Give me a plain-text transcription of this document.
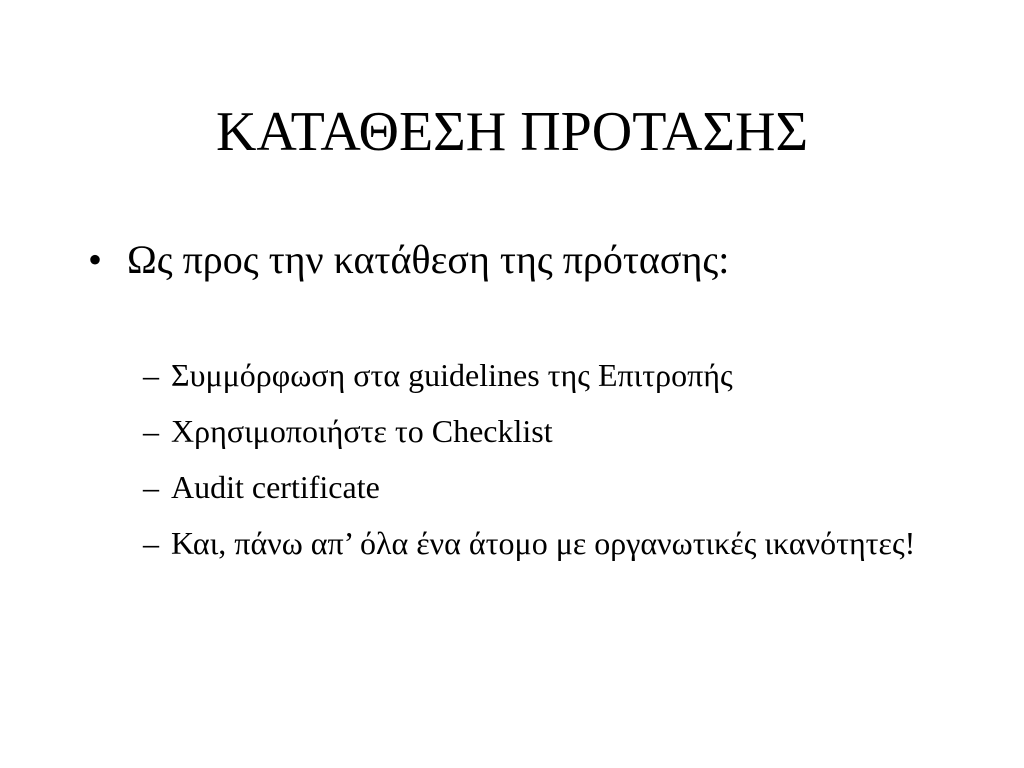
ΚΑΤΑΘΕΣΗ ΠΡΟΤΑΣΗΣ
• Ως προς την κατάθεση της πρότασης:
– Συμμόρφωση στα guidelines της Επιτροπής
– Χρησιμοποιήστε το Checklist
– Audit certificate
– Και, πάνω απ’ όλα ένα άτομο με οργανωτικές ικανότητες!
